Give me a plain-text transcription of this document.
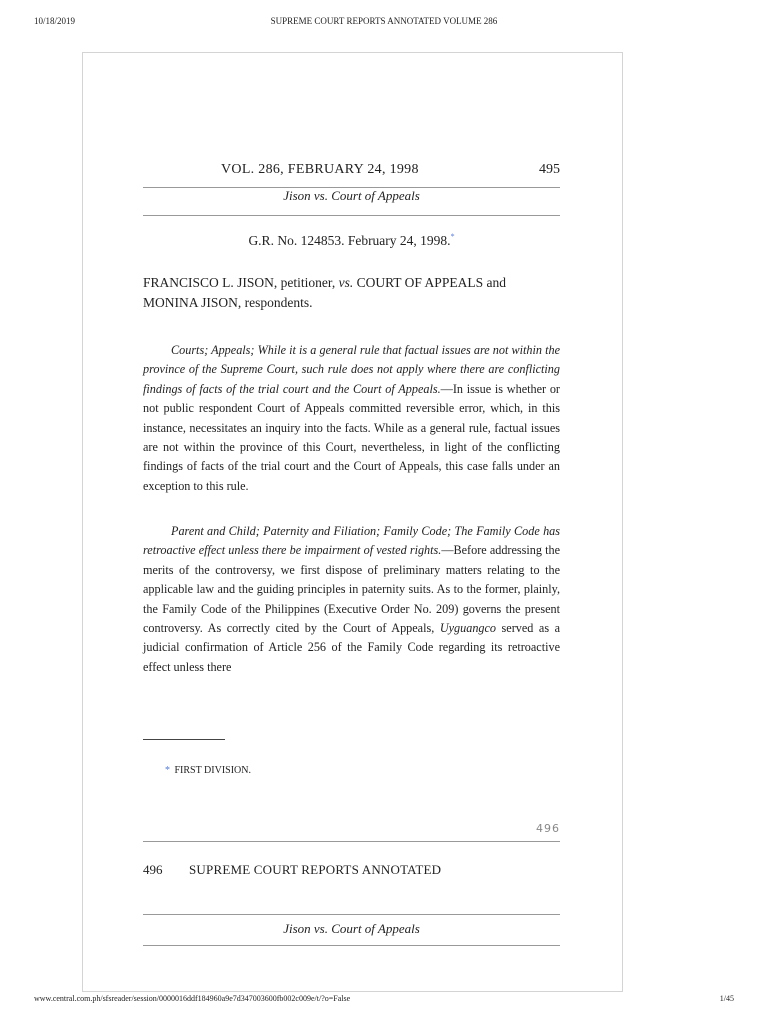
10/18/2019	SUPREME COURT REPORTS ANNOTATED VOLUME 286
VOL. 286, FEBRUARY 24, 1998	495
Jison vs. Court of Appeals
G.R. No. 124853. February 24, 1998.*
FRANCISCO L. JISON, petitioner, vs. COURT OF APPEALS and MONINA JISON, respondents.

Courts; Appeals; While it is a general rule that factual issues are not within the province of the Supreme Court, such rule does not apply where there are conflicting findings of facts of the trial court and the Court of Appeals.—In issue is whether or not public respondent Court of Appeals committed reversible error, which, in this instance, necessitates an inquiry into the facts. While as a general rule, factual issues are not within the province of this Court, nevertheless, in light of the conflicting findings of facts of the trial court and the Court of Appeals, this case falls under an exception to this rule.

Parent and Child; Paternity and Filiation; Family Code; The Family Code has retroactive effect unless there be impairment of vested rights.—Before addressing the merits of the controversy, we first dispose of preliminary matters relating to the applicable law and the guiding principles in paternity suits. As to the former, plainly, the Family Code of the Philippines (Executive Order No. 209) governs the present controversy. As correctly cited by the Court of Appeals, Uyguangco served as a judicial confirmation of Article 256 of the Family Code regarding its retroactive effect unless there

* FIRST DIVISION.
496
496 SUPREME COURT REPORTS ANNOTATED
Jison vs. Court of Appeals
www.central.com.ph/sfsreader/session/0000016ddf184960a9e7d347003600fb002c009e/t/?o=False	1/45
